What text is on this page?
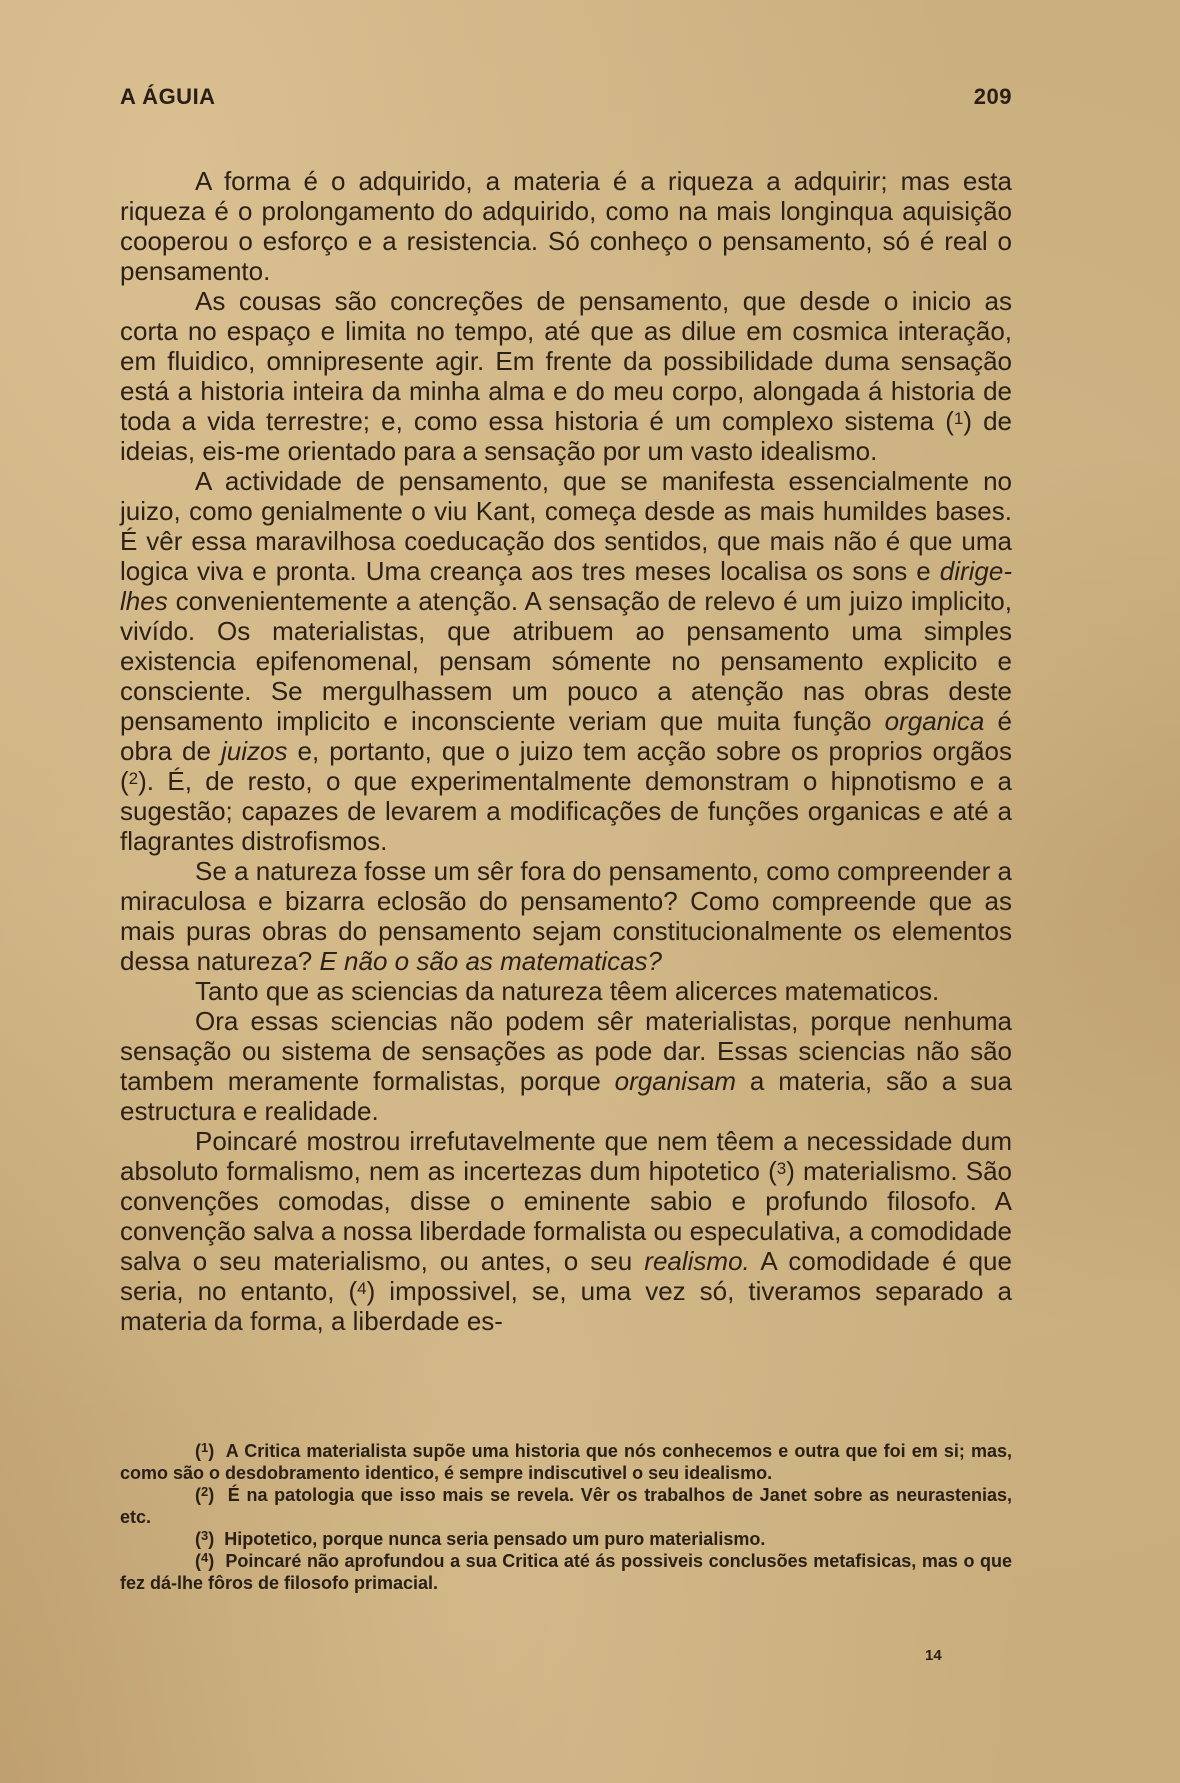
A ÁGUIA	209

A forma é o adquirido, a materia é a riqueza a adquirir; mas esta riqueza é o prolongamento do adquirido, como na mais longinqua aquisição cooperou o esforço e a resistencia. Só conheço o pensamento, só é real o pensamento.

As cousas são concreções de pensamento, que desde o inicio as corta no espaço e limita no tempo, até que as dilue em cosmica interação, em fluidico, omnipresente agir. Em frente da possibilidade duma sensação está a historia inteira da minha alma e do meu corpo, alongada á historia de toda a vida terrestre; e, como essa historia é um complexo sistema ($^1$) de ideias, eis-me orientado para a sensação por um vasto idealismo.

A actividade de pensamento, que se manifesta essencialmente no juizo, como genialmente o viu Kant, começa desde as mais humildes bases. É vêr essa maravilhosa coeducação dos sentidos, que mais não é que uma logica viva e pronta. Uma creança aos tres meses localisa os sons e dirige-lhes convenientemente a atenção. A sensação de relevo é um juizo implicito, vivído. Os materialistas, que atribuem ao pensamento uma simples existencia epifenomenal, pensam sómente no pensamento explicito e consciente. Se mergulhassem um pouco a atenção nas obras deste pensamento implicito e inconsciente veriam que muita função organica é obra de juizos e, portanto, que o juizo tem acção sobre os proprios orgãos ($^2$). É, de resto, o que experimentalmente demonstram o hipnotismo e a sugestão; capazes de levarem a modificações de funções organicas e até a flagrantes distrofismos.

Se a natureza fosse um sêr fora do pensamento, como compreender a miraculosa e bizarra eclosão do pensamento? Como compreende que as mais puras obras do pensamento sejam constitucionalmente os elementos dessa natureza? E não o são as matematicas?

Tanto que as sciencias da natureza têem alicerces matematicos.

Ora essas sciencias não podem sêr materialistas, porque nenhuma sensação ou sistema de sensações as pode dar. Essas sciencias não são tambem meramente formalistas, porque organisam a materia, são a sua estructura e realidade.

Poincaré mostrou irrefutavelmente que nem têem a necessidade dum absoluto formalismo, nem as incertezas dum hipotetico ($^3$) materialismo. São convenções comodas, disse o eminente sabio e profundo filosofo. A convenção salva a nossa liberdade formalista ou especulativa, a comodidade salva o seu materialismo, ou antes, o seu realismo. A comodidade é que seria, no entanto, ($^4$) impossivel, se, uma vez só, tiveramos separado a materia da forma, a liberdade es-

($^1$)  A Critica materialista supõe uma historia que nós conhecemos e outra que foi em si; mas, como são o desdobramento identico, é sempre indiscutivel o seu idealismo.

($^2$)  É na patologia que isso mais se revela. Vêr os trabalhos de Janet sobre as neurastenias, etc.

($^3$)  Hipotetico, porque nunca seria pensado um puro materialismo.

($^4$)  Poincaré não aprofundou a sua Critica até ás possiveis conclusões metafisicas, mas o que fez dá-lhe fôros de filosofo primacial.

14
